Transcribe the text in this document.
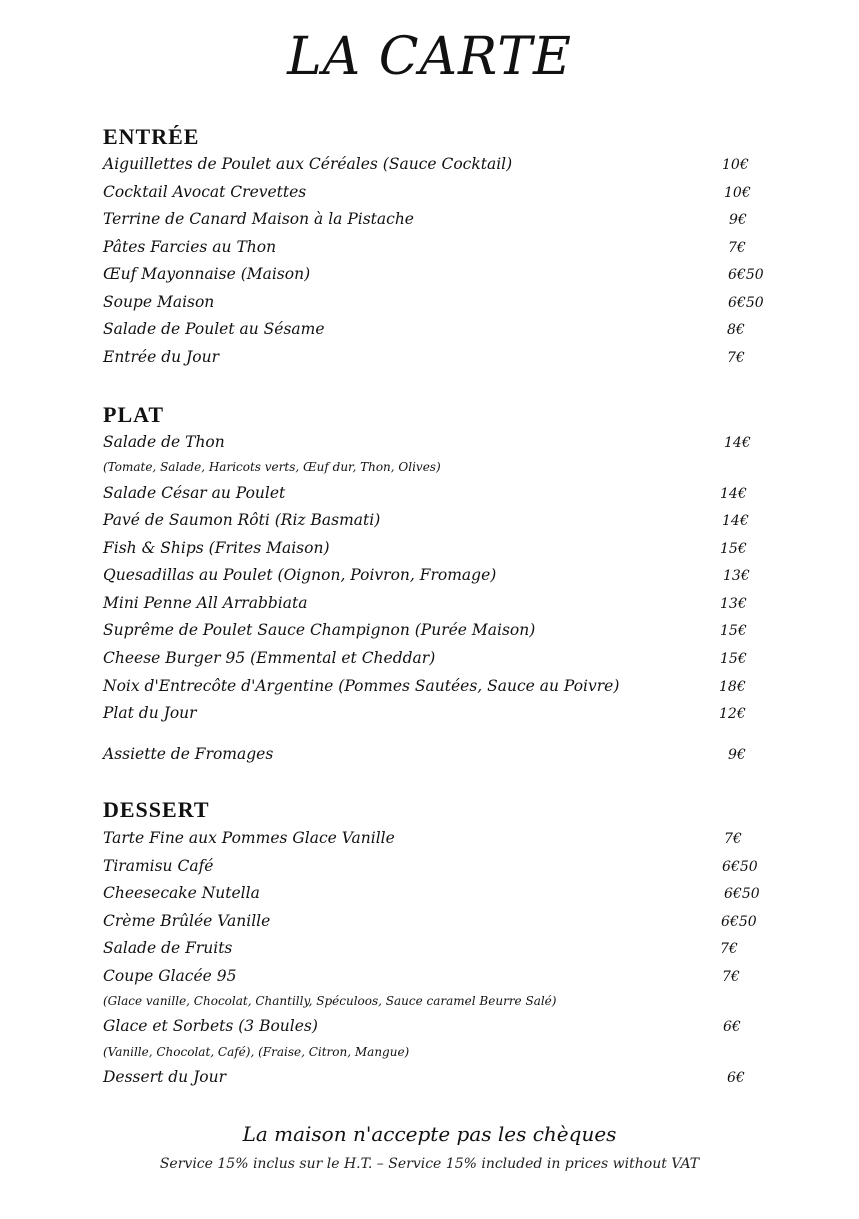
LA CARTE
ENTRÉE
Aiguillettes de Poulet aux Céréales (Sauce Cocktail)	10€
Cocktail Avocat Crevettes	10€
Terrine de Canard Maison à la Pistache	9€
Pâtes Farcies au Thon	7€
Œuf Mayonnaise (Maison)	6€50
Soupe Maison	6€50
Salade de Poulet au Sésame	8€
Entrée du Jour	7€
PLAT
Salade de Thon	14€
(Tomate, Salade, Haricots verts, Œuf dur, Thon, Olives)
Salade César au Poulet	14€
Pavé de Saumon Rôti (Riz Basmati)	14€
Fish & Ships (Frites Maison)	15€
Quesadillas au Poulet (Oignon, Poivron, Fromage)	13€
Mini Penne All Arrabbiata	13€
Suprême de Poulet Sauce Champignon (Purée Maison)	15€
Cheese Burger 95 (Emmental et Cheddar)	15€
Noix d'Entrecôte d'Argentine (Pommes Sautées, Sauce au Poivre)	18€
Plat du Jour	12€
Assiette de Fromages	9€
DESSERT
Tarte Fine aux Pommes Glace Vanille	7€
Tiramisu Café	6€50
Cheesecake Nutella	6€50
Crème Brûlée Vanille	6€50
Salade de Fruits	7€
Coupe Glacée 95	7€
(Glace vanille, Chocolat, Chantilly, Spéculoos, Sauce caramel Beurre Salé)
Glace et Sorbets (3 Boules)	6€
(Vanille, Chocolat, Café), (Fraise, Citron, Mangue)
Dessert du Jour	6€
La maison n'accepte pas les chèques
Service 15% inclus sur le H.T. – Service 15% included in prices without VAT
